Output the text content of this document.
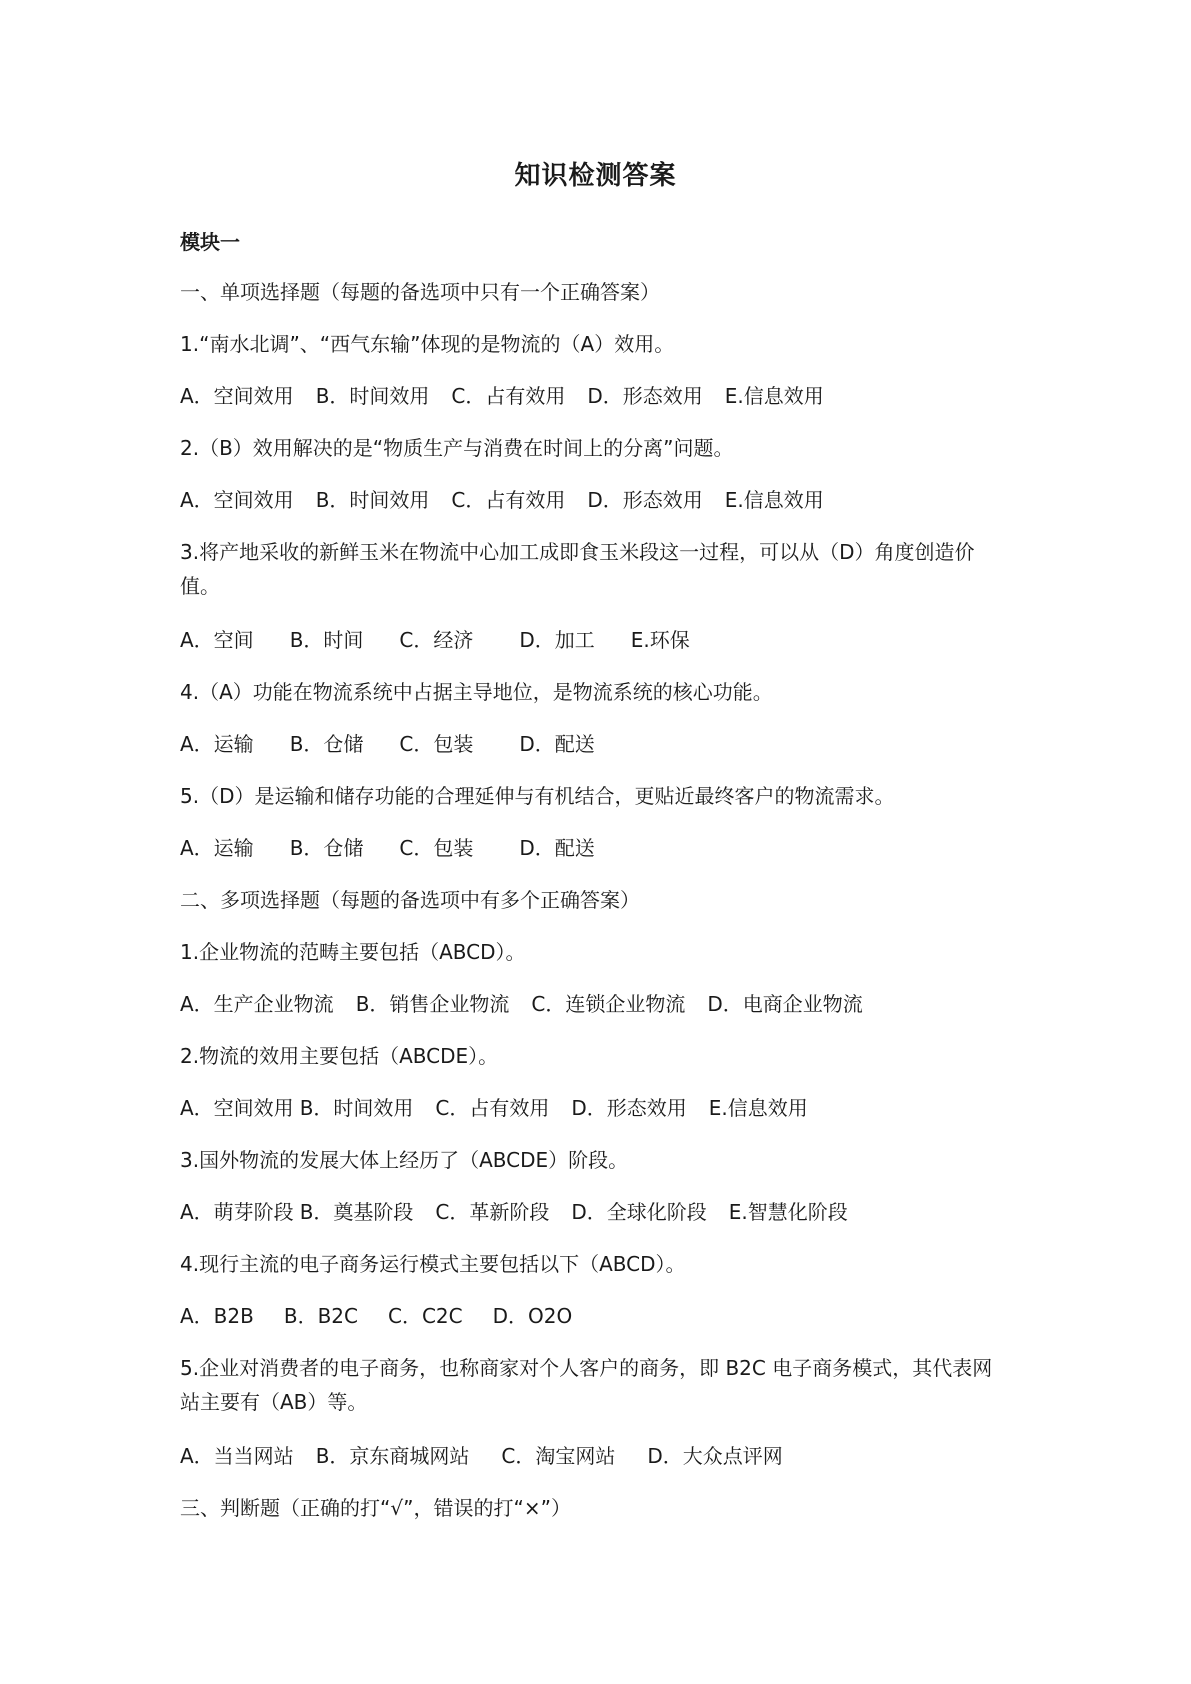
知识检测答案
模块一
一、单项选择题（每题的备选项中只有一个正确答案）
1.“南水北调”、“西气东输”体现的是物流的（A）效用。
A．空间效用 B．时间效用 C．占有效用 D．形态效用 E.信息效用
2.（B）效用解决的是“物质生产与消费在时间上的分离”问题。
A．空间效用 B．时间效用 C．占有效用 D．形态效用 E.信息效用
3.将产地采收的新鲜玉米在物流中心加工成即食玉米段这一过程，可以从（D）角度创造价值。
A．空间 B．时间 C．经济 D．加工 E.环保
4.（A）功能在物流系统中占据主导地位，是物流系统的核心功能。
A．运输 B．仓储 C．包装 D．配送
5.（D）是运输和储存功能的合理延伸与有机结合，更贴近最终客户的物流需求。
A．运输 B．仓储 C．包装 D．配送
二、多项选择题（每题的备选项中有多个正确答案）
1.企业物流的范畴主要包括（ABCD）。
A．生产企业物流 B．销售企业物流 C．连锁企业物流 D．电商企业物流
2.物流的效用主要包括（ABCDE）。
A．空间效用 B．时间效用 C．占有效用 D．形态效用 E.信息效用
3.国外物流的发展大体上经历了（ABCDE）阶段。
A．萌芽阶段 B．奠基阶段 C．革新阶段 D．全球化阶段 E.智慧化阶段
4.现行主流的电子商务运行模式主要包括以下（ABCD）。
A．B2B B．B2C C．C2C D．O2O
5.企业对消费者的电子商务，也称商家对个人客户的商务，即 B2C 电子商务模式，其代表网站主要有（AB）等。
A．当当网站 B．京东商城网站 C．淘宝网站 D．大众点评网
三、判断题（正确的打“√”，错误的打“×”）
